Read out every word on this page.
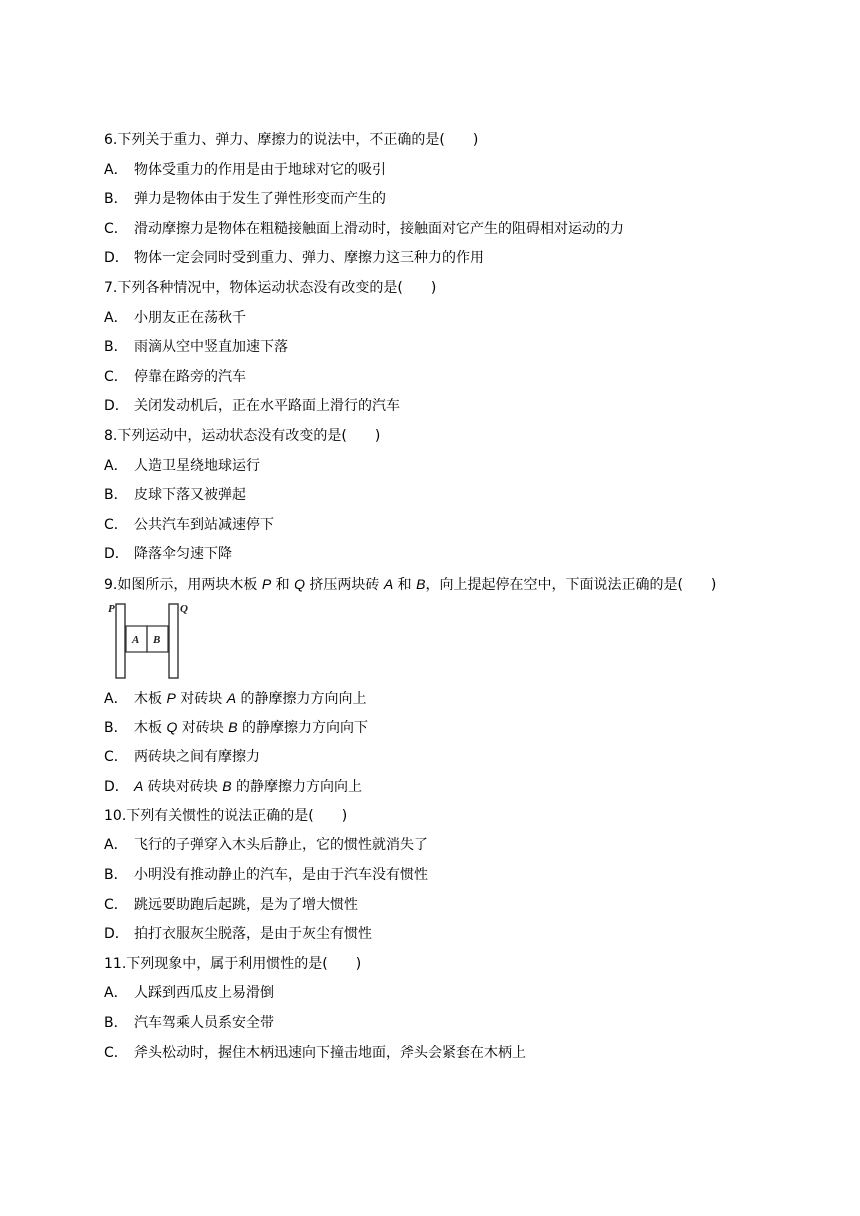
6.下列关于重力、弹力、摩擦力的说法中，不正确的是(　　)
A． 物体受重力的作用是由于地球对它的吸引
B． 弹力是物体由于发生了弹性形变而产生的
C． 滑动摩擦力是物体在粗糙接触面上滑动时，接触面对它产生的阻碍相对运动的力
D． 物体一定会同时受到重力、弹力、摩擦力这三种力的作用
7.下列各种情况中，物体运动状态没有改变的是(　　)
A． 小朋友正在荡秋千
B． 雨滴从空中竖直加速下落
C． 停靠在路旁的汽车
D． 关闭发动机后，正在水平路面上滑行的汽车
8.下列运动中，运动状态没有改变的是(　　)
A． 人造卫星绕地球运行
B． 皮球下落又被弹起
C． 公共汽车到站减速停下
D． 降落伞匀速下降
9.如图所示，用两块木板 P 和 Q 挤压两块砖 A 和 B，向上提起停在空中，下面说法正确的是(　　)
P	Q
A B
A． 木板 P 对砖块 A 的静摩擦力方向向上
B． 木板 Q 对砖块 B 的静摩擦力方向向下
C． 两砖块之间有摩擦力
D． A 砖块对砖块 B 的静摩擦力方向向上
10.下列有关惯性的说法正确的是(　　)
A． 飞行的子弹穿入木头后静止，它的惯性就消失了
B． 小明没有推动静止的汽车，是由于汽车没有惯性
C． 跳远要助跑后起跳，是为了增大惯性
D． 拍打衣服灰尘脱落，是由于灰尘有惯性
11.下列现象中，属于利用惯性的是(　　)
A． 人踩到西瓜皮上易滑倒
B． 汽车驾乘人员系安全带
C． 斧头松动时，握住木柄迅速向下撞击地面，斧头会紧套在木柄上
